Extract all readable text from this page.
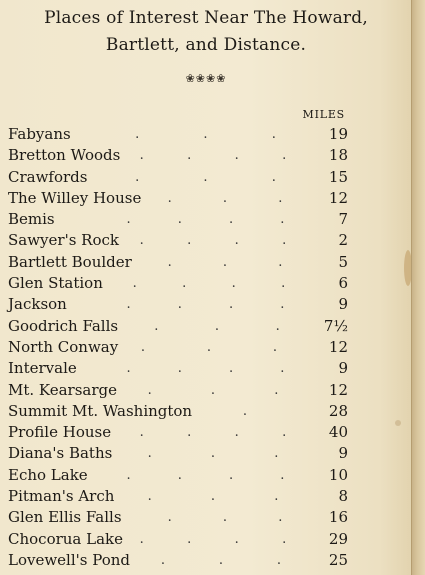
Places of Interest Near The Howard,
Bartlett, and Distance.
❀❀❀❀
MILES
Fabyans	.	.	.	19
Bretton Woods .	.	.	.	18
Crawfords	.	.	.	15
The Willey House .	.	.	12
Bemis	.	.	.	.	7
Sawyer's Rock .	.	.	.	2
Bartlett Boulder	.	.	.	5
Glen Station .	.	.	.	6
Jackson	.	.	.	.	9
Goodrich Falls	.	.	.	7½
North Conway .	.	.	12
Intervale	.	.	.	.	9
Mt. Kearsarge .	.	.	12
Summit Mt. Washington	.	28
Profile House .	.	.	.	40
Diana's Baths	.	.	.	9
Echo Lake	.	.	.	.	10
Pitman's Arch	.	.	.	8
Glen Ellis Falls	.	.	.	16
Chocorua Lake .	.	.	.	29
Lovewell's Pond .	.	.	25
